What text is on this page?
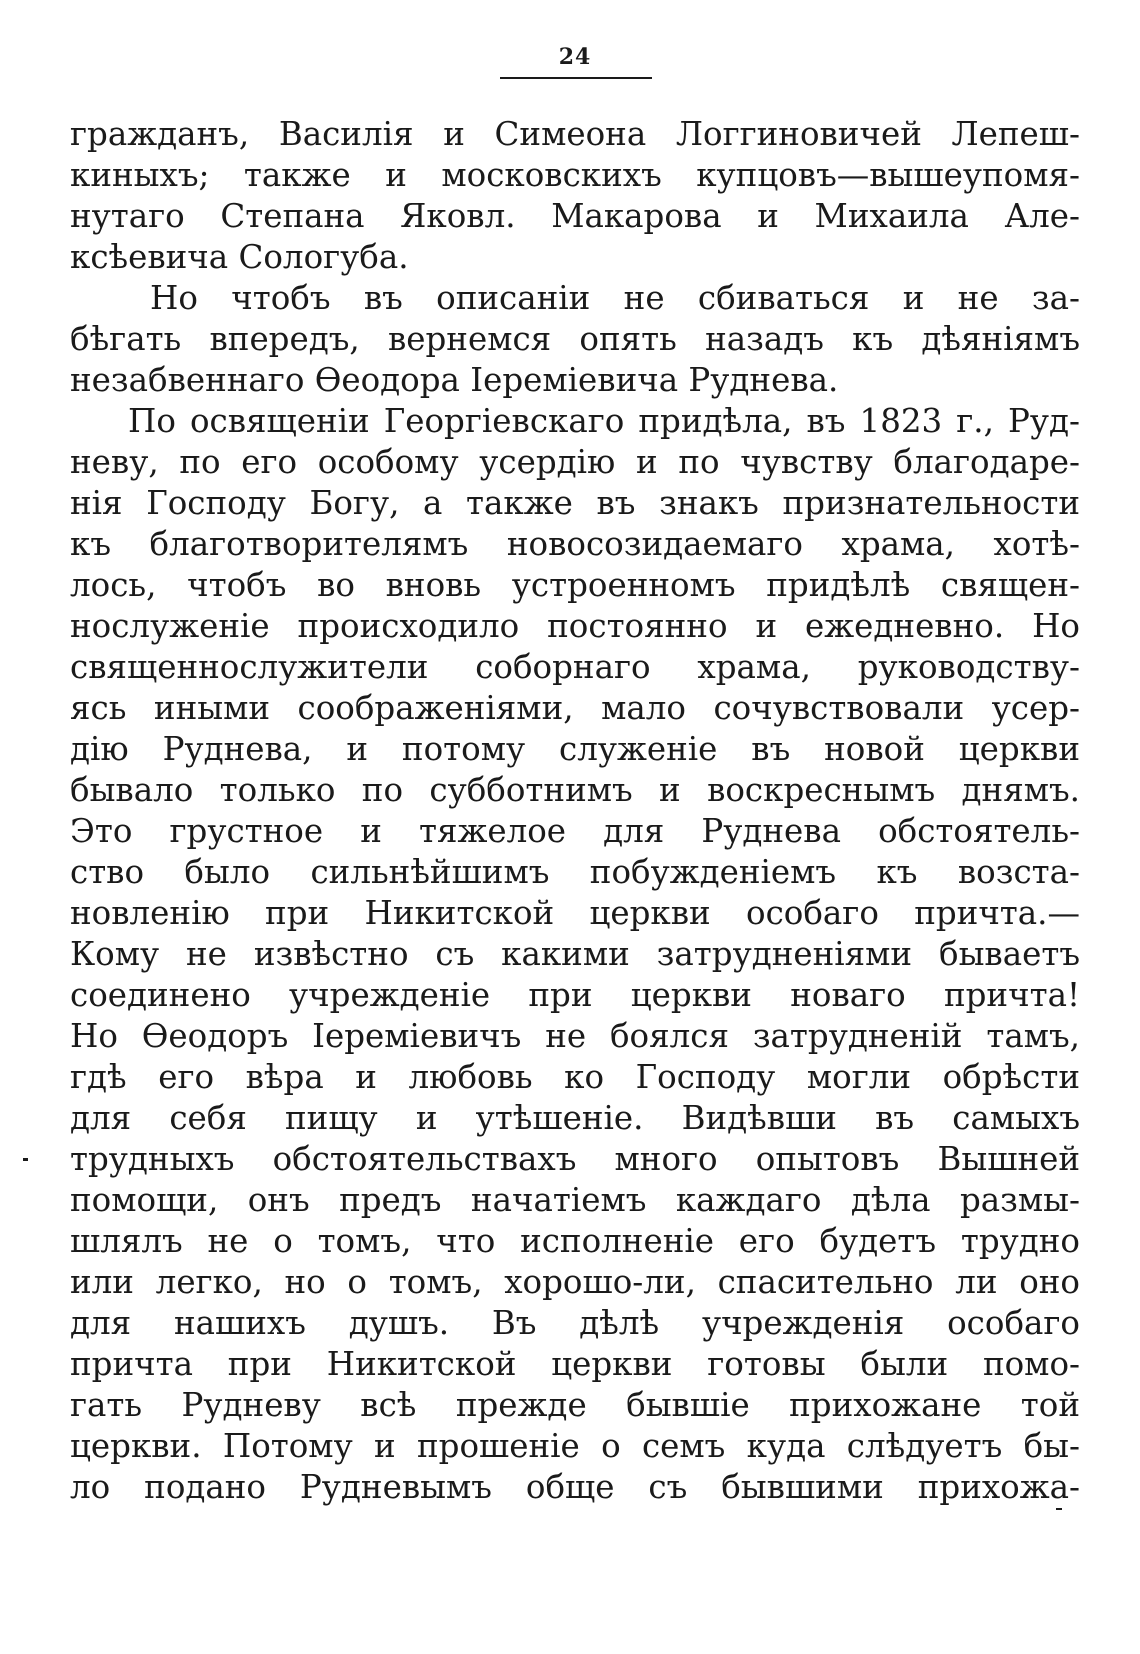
24
гражданъ, Василія и Симеона Логгиновичей Лепеш-
киныхъ; также и московскихъ купцовъ—вышеупомя-
нутаго Степана Яковл. Макарова и Михаила Але-
ксѣевича Сологуба.
Но чтобъ въ описаніи не сбиваться и не за-
бѣгать впередъ, вернемся опять назадъ къ дѣяніямъ
незабвеннаго Ѳеодора Іереміевича Руднева.
По освященіи Георгіевскаго придѣла, въ 1823 г., Руд-
неву, по его особому усердію и по чувству благодаре-
нія Господу Богу, а также въ знакъ признательности
къ благотворителямъ новосозидаемаго храма, хотѣ-
лось, чтобъ во вновь устроенномъ придѣлѣ священ-
нослуженіе происходило постоянно и ежедневно. Но
священнослужители соборнаго храма, руководству-
ясь иными соображеніями, мало сочувствовали усер-
дію Руднева, и потому служеніе въ новой церкви
бывало только по субботнимъ и воскреснымъ днямъ.
Это грустное и тяжелое для Руднева обстоятель-
ство было сильнѣйшимъ побужденіемъ къ возста-
новленію при Никитской церкви особаго причта.—
Кому не извѣстно съ какими затрудненіями бываетъ
соединено учрежденіе при церкви новаго причта!
Но Ѳеодоръ Іереміевичъ не боялся затрудненій тамъ,
гдѣ его вѣра и любовь ко Господу могли обрѣсти
для себя пищу и утѣшеніе. Видѣвши въ самыхъ
трудныхъ обстоятельствахъ много опытовъ Вышней
помощи, онъ предъ начатіемъ каждаго дѣла размы-
шлялъ не о томъ, что исполненіе его будетъ трудно
или легко, но о томъ, хорошо-ли, спасительно ли оно
для нашихъ душъ. Въ дѣлѣ учрежденія особаго
причта при Никитской церкви готовы были помо-
гать Рудневу всѣ прежде бывшіе прихожане той
церкви. Потому и прошеніе о семъ куда слѣдуетъ бы-
ло подано Рудневымъ обще съ бывшими прихожа-
